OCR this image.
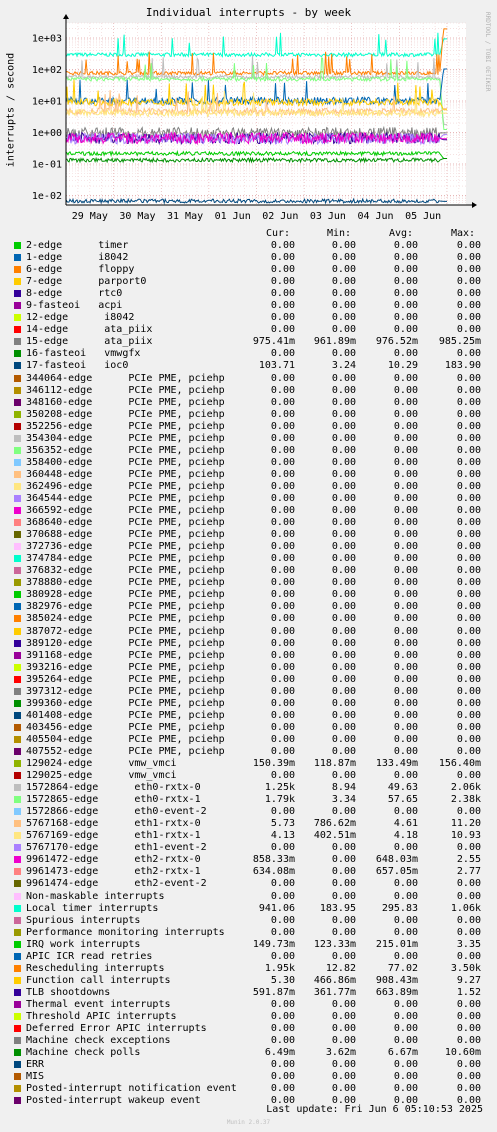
Individual interrupts - by week
1e-02
1e-01
1e+00
1e+01
1e+02
1e+03
29 May 30 May 31 May 01 Jun 02 Jun 03 Jun 04 Jun 05 Jun
interrupts / second
RRDTOOL / TOBI OETIKER
Cur:	Min:	Avg:	Max:
2-edge      timer	0.00	0.00	0.00	0.00
1-edge      i8042	0.00	0.00	0.00	0.00
6-edge      floppy	0.00	0.00	0.00	0.00
7-edge      parport0	0.00	0.00	0.00	0.00
8-edge      rtc0	0.00	0.00	0.00	0.00
9-fasteoi   acpi	0.00	0.00	0.00	0.00
12-edge      i8042	0.00	0.00	0.00	0.00
14-edge      ata_piix	0.00	0.00	0.00	0.00
15-edge      ata_piix	975.41m	961.89m	976.52m	985.25m
16-fasteoi   vmwgfx	0.00	0.00	0.00	0.00
17-fasteoi   ioc0	103.71	3.24	10.29	183.90
344064-edge      PCIe PME, pciehp	0.00	0.00	0.00	0.00
346112-edge      PCIe PME, pciehp	0.00	0.00	0.00	0.00
348160-edge      PCIe PME, pciehp	0.00	0.00	0.00	0.00
350208-edge      PCIe PME, pciehp	0.00	0.00	0.00	0.00
352256-edge      PCIe PME, pciehp	0.00	0.00	0.00	0.00
354304-edge      PCIe PME, pciehp	0.00	0.00	0.00	0.00
356352-edge      PCIe PME, pciehp	0.00	0.00	0.00	0.00
358400-edge      PCIe PME, pciehp	0.00	0.00	0.00	0.00
360448-edge      PCIe PME, pciehp	0.00	0.00	0.00	0.00
362496-edge      PCIe PME, pciehp	0.00	0.00	0.00	0.00
364544-edge      PCIe PME, pciehp	0.00	0.00	0.00	0.00
366592-edge      PCIe PME, pciehp	0.00	0.00	0.00	0.00
368640-edge      PCIe PME, pciehp	0.00	0.00	0.00	0.00
370688-edge      PCIe PME, pciehp	0.00	0.00	0.00	0.00
372736-edge      PCIe PME, pciehp	0.00	0.00	0.00	0.00
374784-edge      PCIe PME, pciehp	0.00	0.00	0.00	0.00
376832-edge      PCIe PME, pciehp	0.00	0.00	0.00	0.00
378880-edge      PCIe PME, pciehp	0.00	0.00	0.00	0.00
380928-edge      PCIe PME, pciehp	0.00	0.00	0.00	0.00
382976-edge      PCIe PME, pciehp	0.00	0.00	0.00	0.00
385024-edge      PCIe PME, pciehp	0.00	0.00	0.00	0.00
387072-edge      PCIe PME, pciehp	0.00	0.00	0.00	0.00
389120-edge      PCIe PME, pciehp	0.00	0.00	0.00	0.00
391168-edge      PCIe PME, pciehp	0.00	0.00	0.00	0.00
393216-edge      PCIe PME, pciehp	0.00	0.00	0.00	0.00
395264-edge      PCIe PME, pciehp	0.00	0.00	0.00	0.00
397312-edge      PCIe PME, pciehp	0.00	0.00	0.00	0.00
399360-edge      PCIe PME, pciehp	0.00	0.00	0.00	0.00
401408-edge      PCIe PME, pciehp	0.00	0.00	0.00	0.00
403456-edge      PCIe PME, pciehp	0.00	0.00	0.00	0.00
405504-edge      PCIe PME, pciehp	0.00	0.00	0.00	0.00
407552-edge      PCIe PME, pciehp	0.00	0.00	0.00	0.00
129024-edge      vmw_vmci	150.39m	118.87m	133.49m	156.40m
129025-edge      vmw_vmci	0.00	0.00	0.00	0.00
1572864-edge      eth0-rxtx-0	1.25k	8.94	49.63	2.06k
1572865-edge      eth0-rxtx-1	1.79k	3.34	57.65	2.38k
1572866-edge      eth0-event-2	0.00	0.00	0.00	0.00
5767168-edge      eth1-rxtx-0	5.73	786.62m	4.61	11.20
5767169-edge      eth1-rxtx-1	4.13	402.51m	4.18	10.93
5767170-edge      eth1-event-2	0.00	0.00	0.00	0.00
9961472-edge      eth2-rxtx-0	858.33m	0.00	648.03m	2.55
9961473-edge      eth2-rxtx-1	634.08m	0.00	657.05m	2.77
9961474-edge      eth2-event-2	0.00	0.00	0.00	0.00
Non-maskable interrupts	0.00	0.00	0.00	0.00
Local timer interrupts	941.06	183.95	295.83	1.06k
Spurious interrupts	0.00	0.00	0.00	0.00
Performance monitoring interrupts	0.00	0.00	0.00	0.00
IRQ work interrupts	149.73m	123.33m	215.01m	3.35
APIC ICR read retries	0.00	0.00	0.00	0.00
Rescheduling interrupts	1.95k	12.82	77.02	3.50k
Function call interrupts	5.30	466.86m	908.43m	9.27
TLB shootdowns	591.87m	361.77m	663.89m	1.52
Thermal event interrupts	0.00	0.00	0.00	0.00
Threshold APIC interrupts	0.00	0.00	0.00	0.00
Deferred Error APIC interrupts	0.00	0.00	0.00	0.00
Machine check exceptions	0.00	0.00	0.00	0.00
Machine check polls	6.49m	3.62m	6.67m	10.60m
ERR	0.00	0.00	0.00	0.00
MIS	0.00	0.00	0.00	0.00
Posted-interrupt notification event	0.00	0.00	0.00	0.00
Posted-interrupt wakeup event	0.00	0.00	0.00	0.00
Last update: Fri Jun 6 05:10:53 2025
Munin 2.0.37
